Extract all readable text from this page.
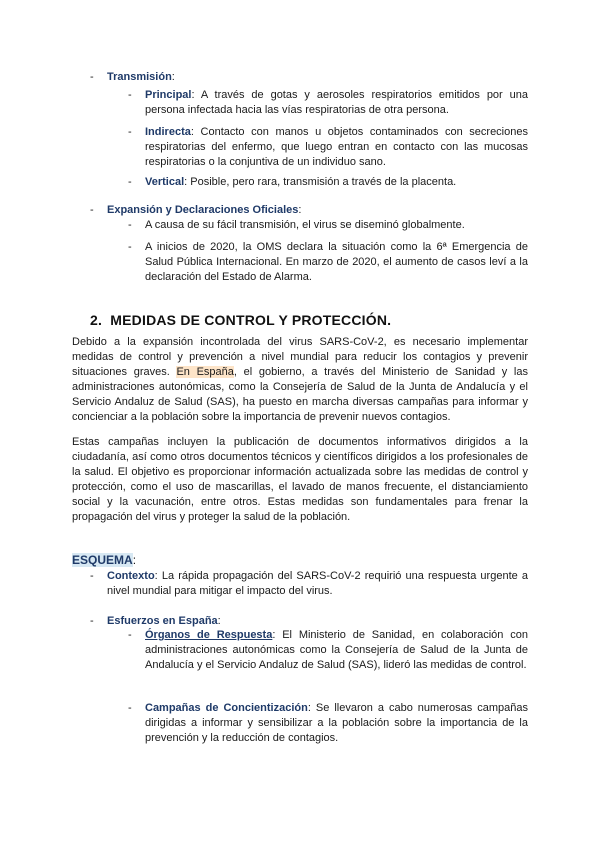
- Transmisión:
- Principal: A través de gotas y aerosoles respiratorios emitidos por una persona infectada hacia las vías respiratorias de otra persona.
- Indirecta: Contacto con manos u objetos contaminados con secreciones respiratorias del enfermo, que luego entran en contacto con las mucosas respiratorias o la conjuntiva de un individuo sano.
- Vertical: Posible, pero rara, transmisión a través de la placenta.
- Expansión y Declaraciones Oficiales:
- A causa de su fácil transmisión, el virus se diseminó globalmente.
- A inicios de 2020, la OMS declara la situación como la 6ª Emergencia de Salud Pública Internacional. En marzo de 2020, el aumento de casos leví a la declaración del Estado de Alarma.
2. MEDIDAS DE CONTROL Y PROTECCIÓN.
Debido a la expansión incontrolada del virus SARS-CoV-2, es necesario implementar medidas de control y prevención a nivel mundial para reducir los contagios y prevenir situaciones graves. En España, el gobierno, a través del Ministerio de Sanidad y las administraciones autonómicas, como la Consejería de Salud de la Junta de Andalucía y el Servicio Andaluz de Salud (SAS), ha puesto en marcha diversas campañas para informar y concienciar a la población sobre la importancia de prevenir nuevos contagios.
Estas campañas incluyen la publicación de documentos informativos dirigidos a la ciudadanía, así como otros documentos técnicos y científicos dirigidos a los profesionales de la salud. El objetivo es proporcionar información actualizada sobre las medidas de control y protección, como el uso de mascarillas, el lavado de manos frecuente, el distanciamiento social y la vacunación, entre otros. Estas medidas son fundamentales para frenar la propagación del virus y proteger la salud de la población.
ESQUEMA:
- Contexto: La rápida propagación del SARS-CoV-2 requirió una respuesta urgente a nivel mundial para mitigar el impacto del virus.
- Esfuerzos en España:
- Órganos de Respuesta: El Ministerio de Sanidad, en colaboración con administraciones autonómicas como la Consejería de Salud de la Junta de Andalucía y el Servicio Andaluz de Salud (SAS), lideró las medidas de control.
- Campañas de Concientización: Se llevaron a cabo numerosas campañas dirigidas a informar y sensibilizar a la población sobre la importancia de la prevención y la reducción de contagios.
